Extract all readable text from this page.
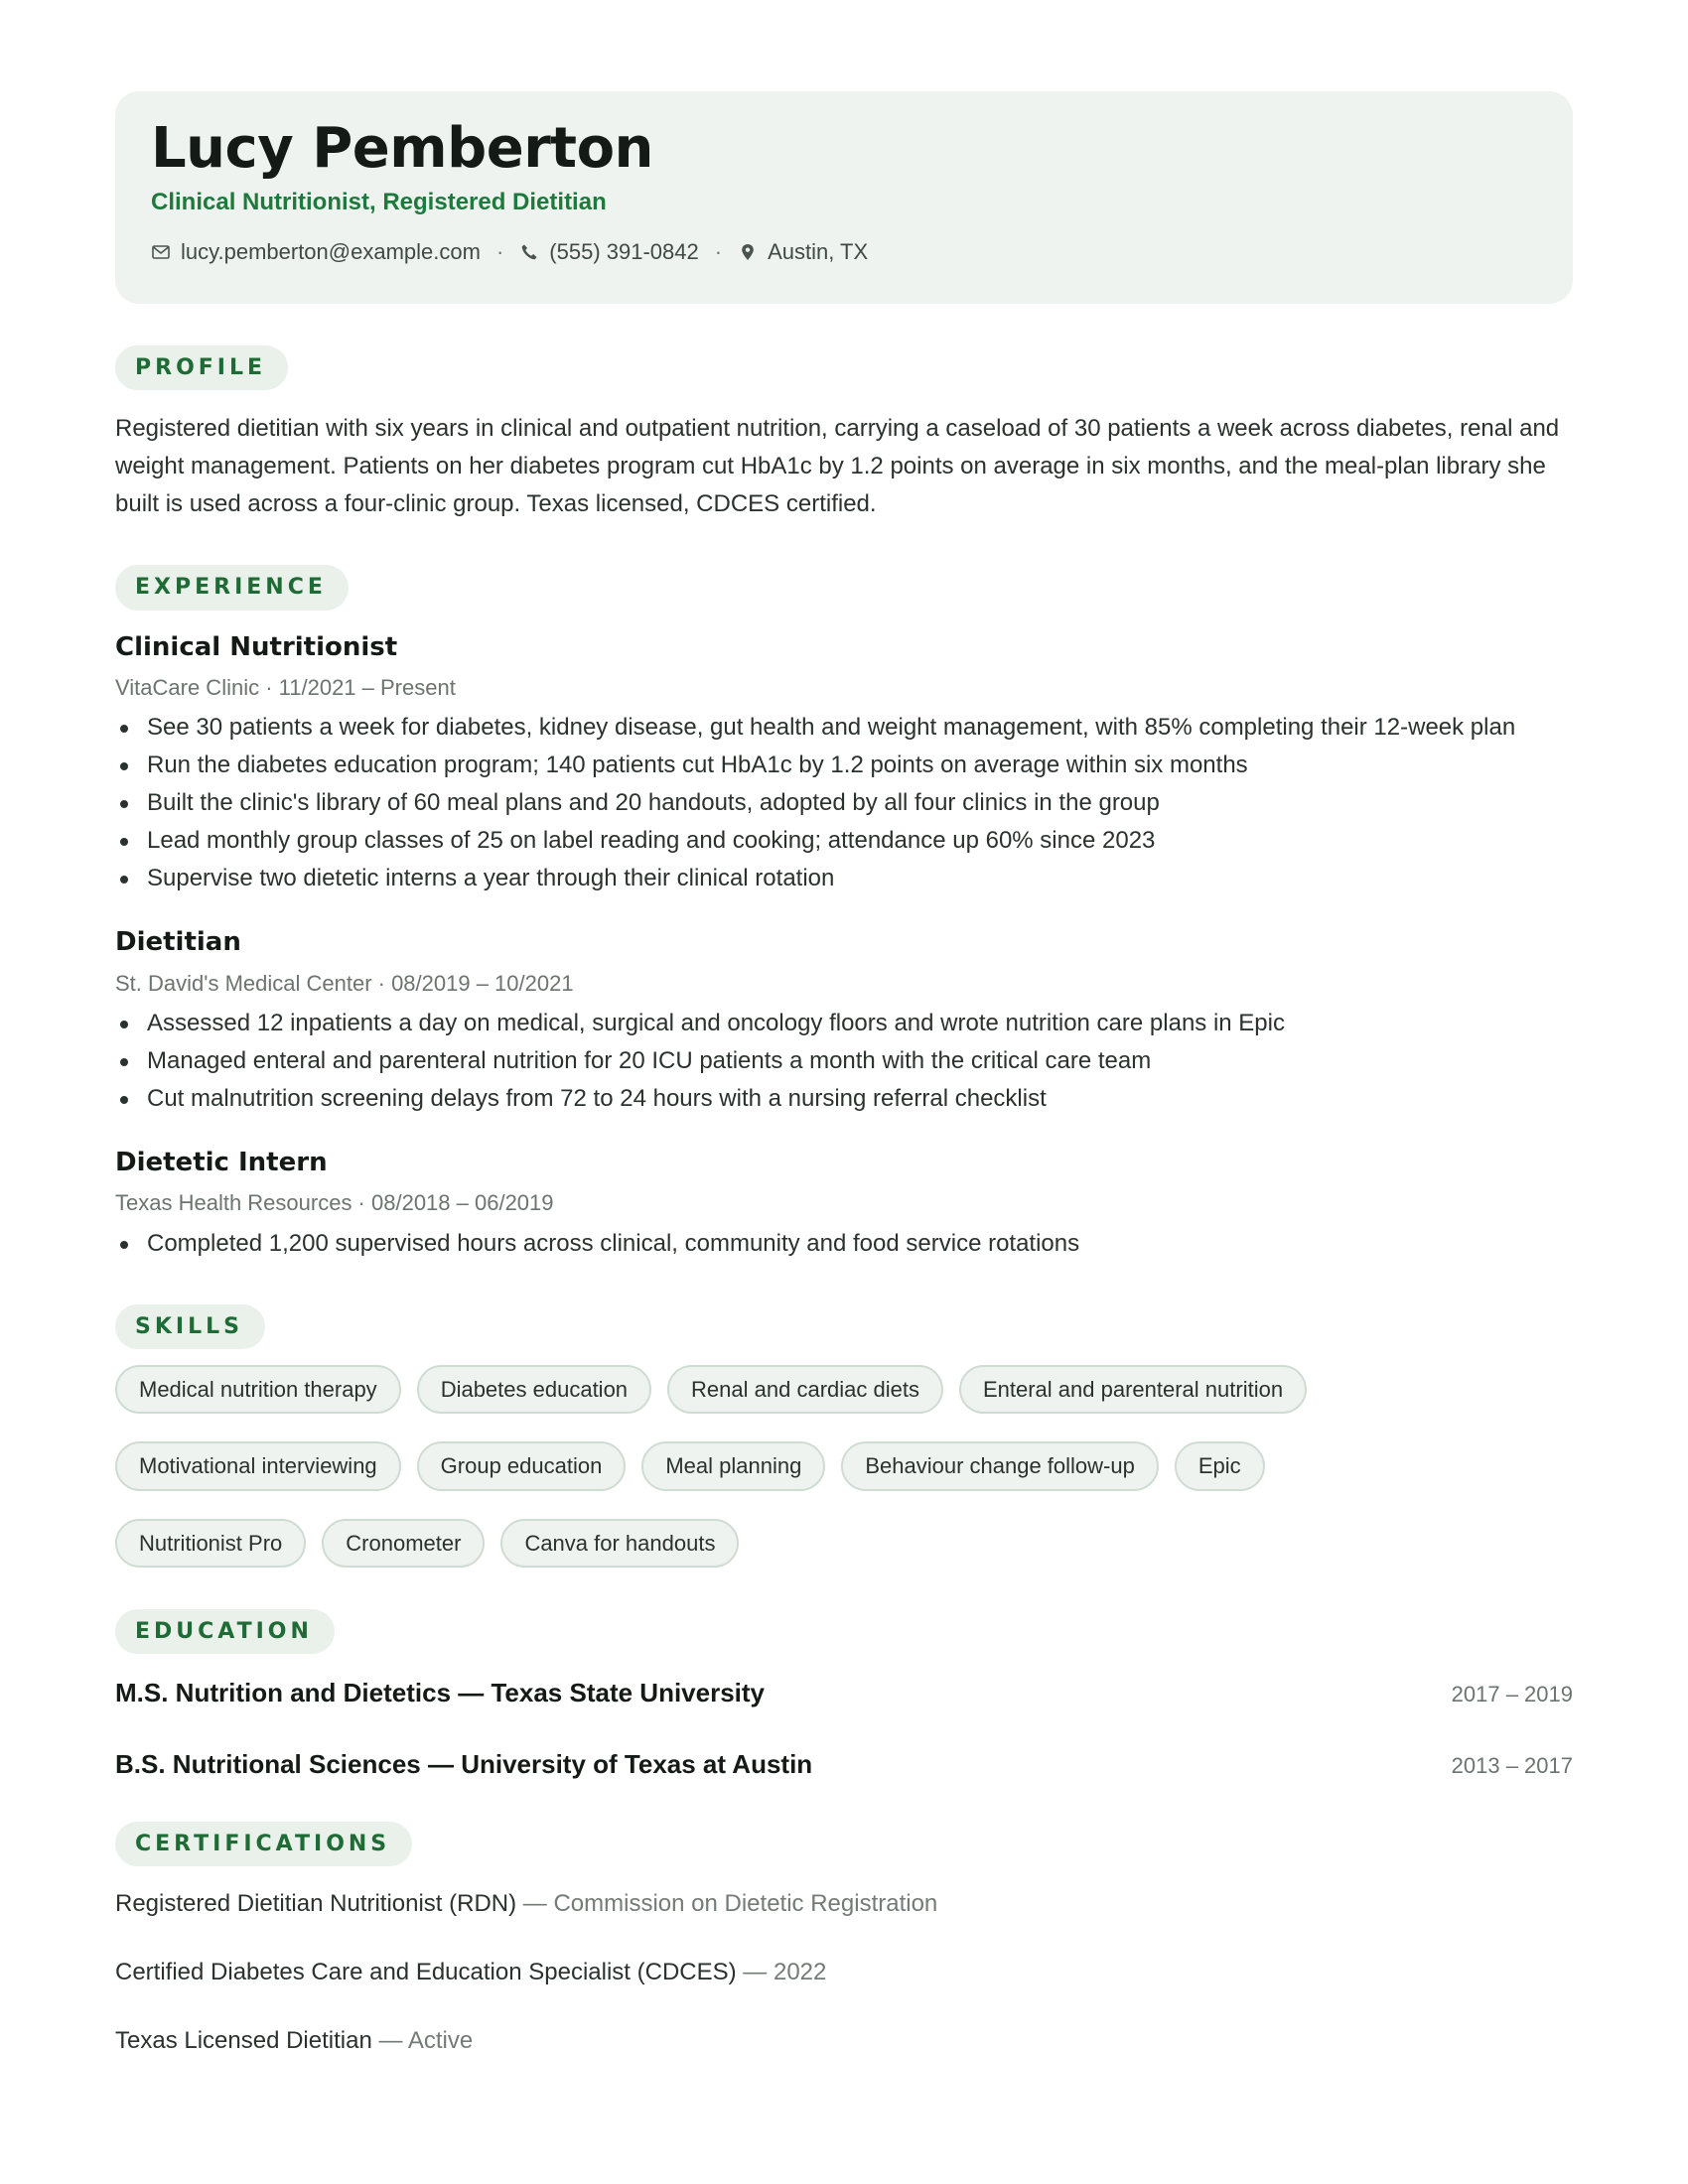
Lucy Pemberton
Clinical Nutritionist, Registered Dietitian
lucy.pemberton@example.com · (555) 391-0842 · Austin, TX
PROFILE
Registered dietitian with six years in clinical and outpatient nutrition, carrying a caseload of 30 patients a week across diabetes, renal and weight management. Patients on her diabetes program cut HbA1c by 1.2 points on average in six months, and the meal-plan library she built is used across a four-clinic group. Texas licensed, CDCES certified.
EXPERIENCE
Clinical Nutritionist
VitaCare Clinic · 11/2021 – Present
See 30 patients a week for diabetes, kidney disease, gut health and weight management, with 85% completing their 12-week plan
Run the diabetes education program; 140 patients cut HbA1c by 1.2 points on average within six months
Built the clinic's library of 60 meal plans and 20 handouts, adopted by all four clinics in the group
Lead monthly group classes of 25 on label reading and cooking; attendance up 60% since 2023
Supervise two dietetic interns a year through their clinical rotation
Dietitian
St. David's Medical Center · 08/2019 – 10/2021
Assessed 12 inpatients a day on medical, surgical and oncology floors and wrote nutrition care plans in Epic
Managed enteral and parenteral nutrition for 20 ICU patients a month with the critical care team
Cut malnutrition screening delays from 72 to 24 hours with a nursing referral checklist
Dietetic Intern
Texas Health Resources · 08/2018 – 06/2019
Completed 1,200 supervised hours across clinical, community and food service rotations
SKILLS
Medical nutrition therapy	Diabetes education	Renal and cardiac diets	Enteral and parenteral nutrition
Motivational interviewing	Group education	Meal planning	Behaviour change follow-up	Epic
Nutritionist Pro	Cronometer	Canva for handouts
EDUCATION
M.S. Nutrition and Dietetics — Texas State University	2017 – 2019
B.S. Nutritional Sciences — University of Texas at Austin	2013 – 2017
CERTIFICATIONS
Registered Dietitian Nutritionist (RDN) — Commission on Dietetic Registration
Certified Diabetes Care and Education Specialist (CDCES) — 2022
Texas Licensed Dietitian — Active
